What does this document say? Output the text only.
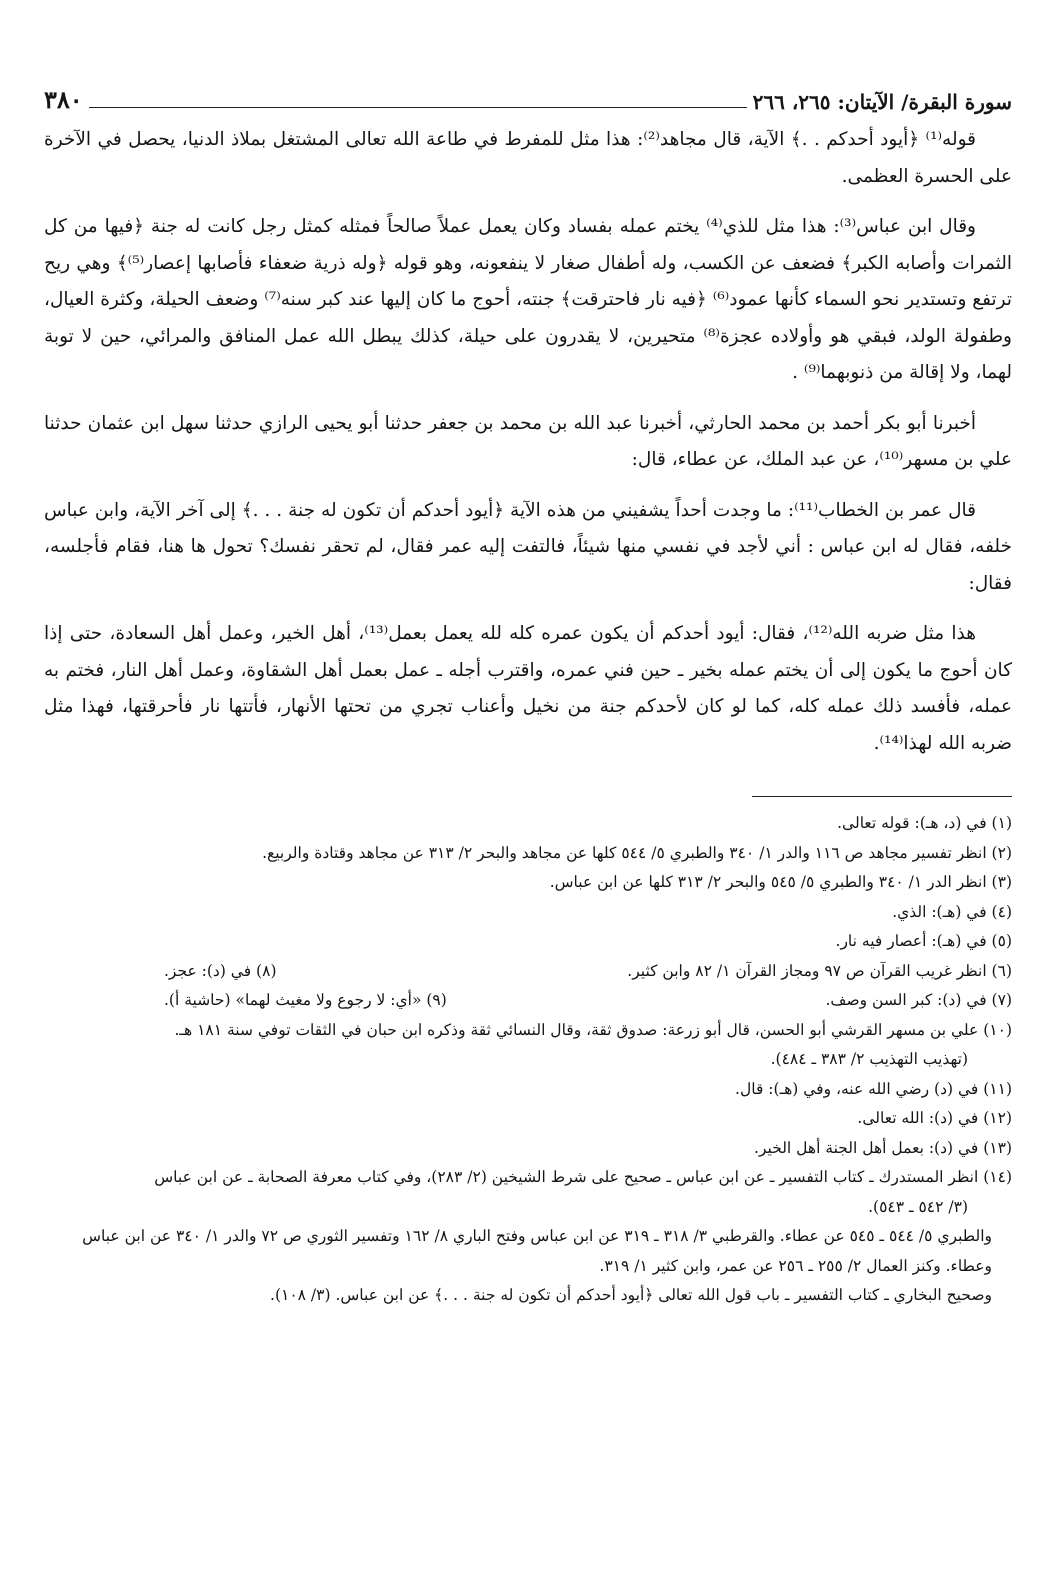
سورة البقرة/ الآيتان: ٢٦٥، ٢٦٦
٣٨٠

قوله⁽¹⁾ ﴿أيود أحدكم . .﴾ الآية، قال مجاهد⁽²⁾: هذا مثل للمفرط في طاعة الله تعالى المشتغل بملاذ الدنيا، يحصل في الآخرة على الحسرة العظمى.

وقال ابن عباس⁽³⁾: هذا مثل للذي⁽⁴⁾ يختم عمله بفساد وكان يعمل عملاً صالحاً فمثله كمثل رجل كانت له جنة ﴿فيها من كل الثمرات وأصابه الكبر﴾ فضعف عن الكسب، وله أطفال صغار لا ينفعونه، وهو قوله ﴿وله ذرية ضعفاء فأصابها إعصار⁽⁵⁾﴾ وهي ريح ترتفع وتستدير نحو السماء كأنها عمود⁽⁶⁾ ﴿فيه نار فاحترقت﴾ جنته، أحوج ما كان إليها عند كبر سنه⁽⁷⁾ وضعف الحيلة، وكثرة العيال، وطفولة الولد، فبقي هو وأولاده عجزة⁽⁸⁾ متحيرين، لا يقدرون على حيلة، كذلك يبطل الله عمل المنافق والمرائي، حين لا توبة لهما، ولا إقالة من ذنوبهما⁽⁹⁾ .

أخبرنا أبو بكر أحمد بن محمد الحارثي، أخبرنا عبد الله بن محمد بن جعفر حدثنا أبو يحيى الرازي حدثنا سهل ابن عثمان حدثنا علي بن مسهر⁽¹⁰⁾، عن عبد الملك، عن عطاء، قال:

قال عمر بن الخطاب⁽¹¹⁾: ما وجدت أحداً يشفيني من هذه الآية ﴿أيود أحدكم أن تكون له جنة . . .﴾ إلى آخر الآية، وابن عباس خلفه، فقال له ابن عباس : أني لأجد في نفسي منها شيئاً، فالتفت إليه عمر فقال، لم تحقر نفسك؟ تحول ها هنا، فقام فأجلسه، فقال:

هذا مثل ضربه الله⁽¹²⁾، فقال: أيود أحدكم أن يكون عمره كله لله يعمل بعمل⁽¹³⁾، أهل الخير، وعمل أهل السعادة، حتى إذا كان أحوج ما يكون إلى أن يختم عمله بخير ـ حين فني عمره، واقترب أجله ـ عمل بعمل أهل الشقاوة، وعمل أهل النار، فختم به عمله، فأفسد ذلك عمله كله، كما لو كان لأحدكم جنة من نخيل وأعناب تجري من تحتها الأنهار، فأتتها نار فأحرقتها، فهذا مثل ضربه الله لهذا⁽¹⁴⁾.

(١) في (د، هـ): قوله تعالى.

(٢) انظر تفسير مجاهد ص ١١٦ والدر ١/ ٣٤٠ والطبري ٥/ ٥٤٤ كلها عن مجاهد والبحر ٢/ ٣١٣ عن مجاهد وقتادة والربيع.

(٣) انظر الدر ١/ ٣٤٠ والطبري ٥/ ٥٤٥ والبحر ٢/ ٣١٣ كلها عن ابن عباس.

(٤) في (هـ): الذي.

(٥) في (هـ): أعصار فيه نار.

(٦) انظر غريب القرآن ص ٩٧ ومجاز القرآن ١/ ٨٢ وابن كثير.
(٨) في (د): عجز.
(٧) في (د): كبر السن وصف.
(٩) «أي: لا رجوع ولا مغيث لهما» (حاشية أ).

(١٠) علي بن مسهر القرشي أبو الحسن، قال أبو زرعة: صدوق ثقة، وقال النسائي ثقة وذكره ابن حبان في الثقات توفي سنة ١٨١ هـ.
(تهذيب التهذيب ٢/ ٣٨٣ ـ ٤٨٤).

(١١) في (د) رضي الله عنه، وفي (هـ): قال.

(١٢) في (د): الله تعالى.

(١٣) في (د): بعمل أهل الجنة أهل الخير.

(١٤) انظر المستدرك ـ كتاب التفسير ـ عن ابن عباس ـ صحيح على شرط الشيخين (٢/ ٢٨٣)، وفي كتاب معرفة الصحابة ـ عن ابن عباس
(٣/ ٥٤٢ ـ ٥٤٣).

والطبري ٥/ ٥٤٤ ـ ٥٤٥ عن عطاء. والقرطبي ٣/ ٣١٨ ـ ٣١٩ عن ابن عباس وفتح الباري ٨/ ١٦٢ وتفسير الثوري ص ٧٢ والدر ١/ ٣٤٠ عن ابن عباس وعطاء. وكنز العمال ٢/ ٢٥٥ ـ ٢٥٦ عن عمر، وابن كثير ١/ ٣١٩.

وصحيح البخاري ـ كتاب التفسير ـ باب قول الله تعالى ﴿أيود أحدكم أن تكون له جنة . . .﴾ عن ابن عباس. (٣/ ١٠٨).
